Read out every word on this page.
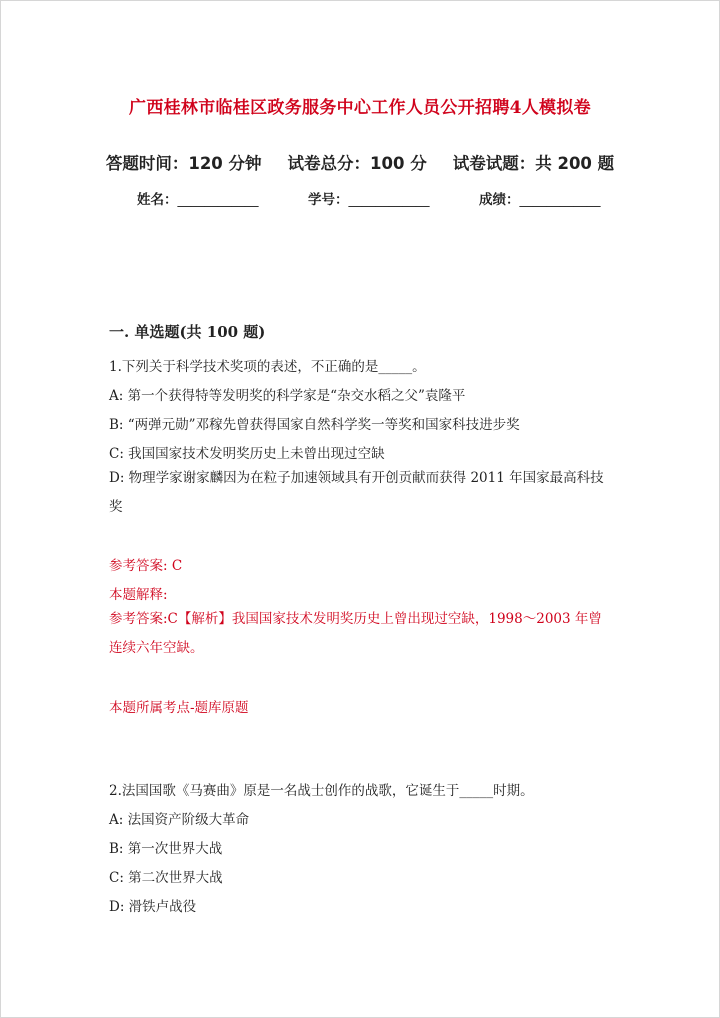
广西桂林市临桂区政务服务中心工作人员公开招聘4人模拟卷
答题时间：120 分钟 试卷总分：100 分 试卷试题：共 200 题
姓名：____________	学号：____________	成绩：____________
一. 单选题(共 100 题)
1.下列关于科学技术奖项的表述，不正确的是_____。
A: 第一个获得特等发明奖的科学家是“杂交水稻之父”袁隆平
B: “两弹元勋”邓稼先曾获得国家自然科学奖一等奖和国家科技进步奖
C: 我国国家技术发明奖历史上未曾出现过空缺
D: 物理学家谢家麟因为在粒子加速领域具有开创贡献而获得 2011 年国家最高科技奖
参考答案: C
本题解释:
参考答案:C【解析】我国国家技术发明奖历史上曾出现过空缺，1998～2003 年曾连续六年空缺。
本题所属考点-题库原题
2.法国国歌《马赛曲》原是一名战士创作的战歌，它诞生于_____时期。
A: 法国资产阶级大革命
B: 第一次世界大战
C: 第二次世界大战
D: 滑铁卢战役
